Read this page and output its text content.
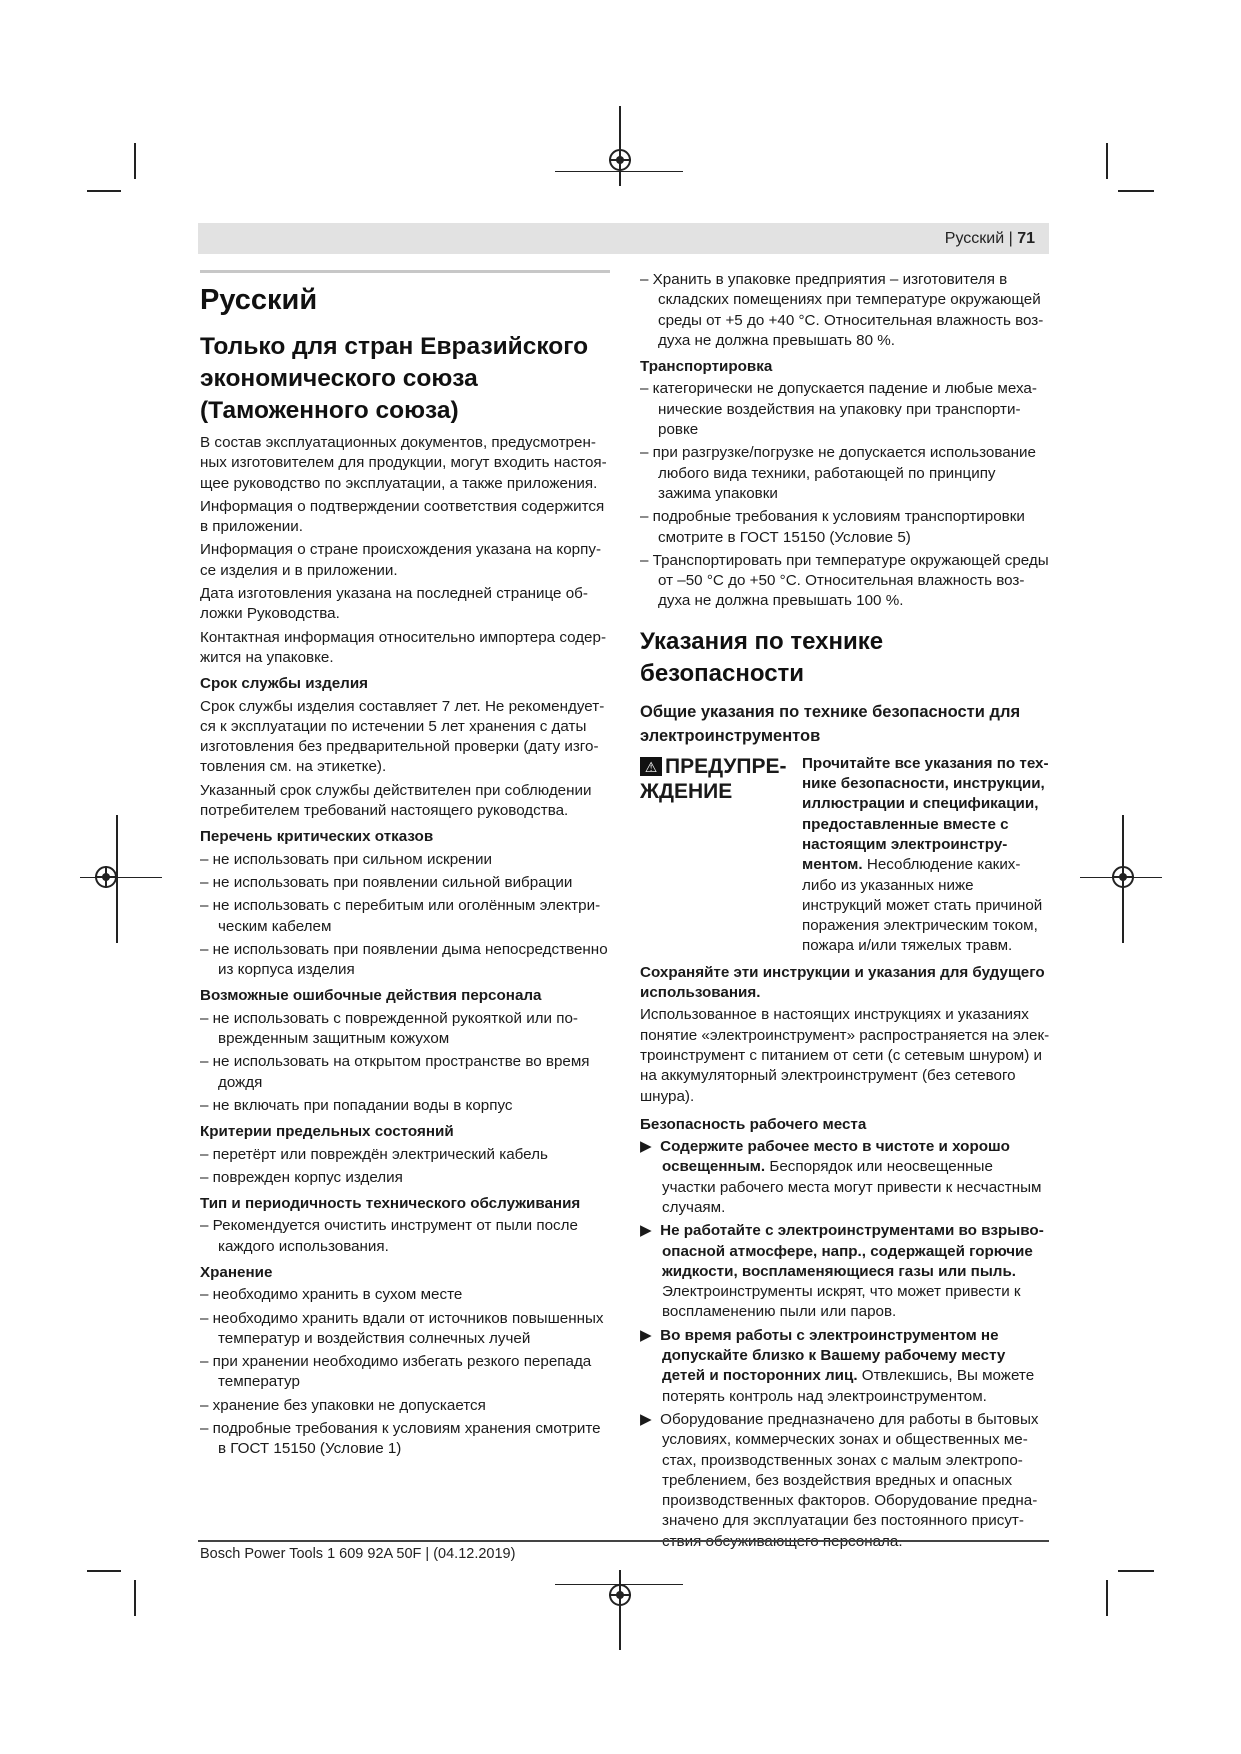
Русский | 71
Русский
Только для стран Евразийского экономического союза (Таможенного союза)

В состав эксплуатационных документов, предусмотренных изготовителем для продукции, могут входить настоящее руководство по эксплуатации, а также приложения.

Информация о подтверждении соответствия содержится в приложении.

Информация о стране происхождения указана на корпусе изделия и в приложении.

Дата изготовления указана на последней странице обложки Руководства.

Контактная информация относительно импортера содержится на упаковке.

Срок службы изделия

Срок службы изделия составляет 7 лет. Не рекомендуется к эксплуатации по истечении 5 лет хранения с даты изготовления без предварительной проверки (дату изготовления см. на этикетке).

Указанный срок службы действителен при соблюдении потребителем требований настоящего руководства.

Перечень критических отказов
– не использовать при сильном искрении
– не использовать при появлении сильной вибрации
– не использовать с перебитым или оголённым электрическим кабелем
– не использовать при появлении дыма непосредственно из корпуса изделия
Возможные ошибочные действия персонала
– не использовать с поврежденной рукояткой или поврежденным защитным кожухом
– не использовать на открытом пространстве во время дождя
– не включать при попадании воды в корпус
Критерии предельных состояний
– перетёрт или повреждён электрический кабель
– поврежден корпус изделия
Тип и периодичность технического обслуживания
– Рекомендуется очистить инструмент от пыли после каждого использования.
Хранение
– необходимо хранить в сухом месте
– необходимо хранить вдали от источников повышенных температур и воздействия солнечных лучей
– при хранении необходимо избегать резкого перепада температур
– хранение без упаковки не допускается
– подробные требования к условиям хранения смотрите в ГОСТ 15150 (Условие 1)
– Хранить в упаковке предприятия – изготовителя в складских помещениях при температуре окружающей среды от +5 до +40 °C. Относительная влажность воздуха не должна превышать 80 %.
Транспортировка
– категорически не допускается падение и любые механические воздействия на упаковку при транспортировке
– при разгрузке/погрузке не допускается использование любого вида техники, работающей по принципу зажима упаковки
– подробные требования к условиям транспортировки смотрите в ГОСТ 15150 (Условие 5)
– Транспортировать при температуре окружающей среды от –50 °C до +50 °C. Относительная влажность воздуха не должна превышать 100 %.
Указания по технике безопасности
Общие указания по технике безопасности для электроинструментов
⚠ ПРЕДУПРЕЖДЕНИЕ
Прочитайте все указания по технике безопасности, инструкции, иллюстрации и спецификации, предоставленные вместе с настоящим электроинструментом. Несоблюдение каких-либо из указанных ниже инструкций может стать причиной поражения электрическим током, пожара и/или тяжелых травм.

Сохраняйте эти инструкции и указания для будущего использования.

Использованное в настоящих инструкциях и указаниях понятие «электроинструмент» распространяется на электроинструмент с питанием от сети (с сетевым шнуром) и на аккумуляторный электроинструмент (без сетевого шнура).

Безопасность рабочего места
▶ Содержите рабочее место в чистоте и хорошо освещенным. Беспорядок или неосвещенные участки рабочего места могут привести к несчастным случаям.
▶ Не работайте с электроинструментами во взрывоопасной атмосфере, напр., содержащей горючие жидкости, воспламеняющиеся газы или пыль. Электроинструменты искрят, что может привести к воспламенению пыли или паров.
▶ Во время работы с электроинструментом не допускайте близко к Вашему рабочему месту детей и посторонних лиц. Отвлекшись, Вы можете потерять контроль над электроинструментом.
▶ Оборудование предназначено для работы в бытовых условиях, коммерческих зонах и общественных местах, производственных зонах с малым электропотреблением, без воздействия вредных и опасных производственных факторов. Оборудование предназначено для эксплуатации без постоянного присут
Bosch Power Tools 1 609 92A 50F | (04.12.2019)
